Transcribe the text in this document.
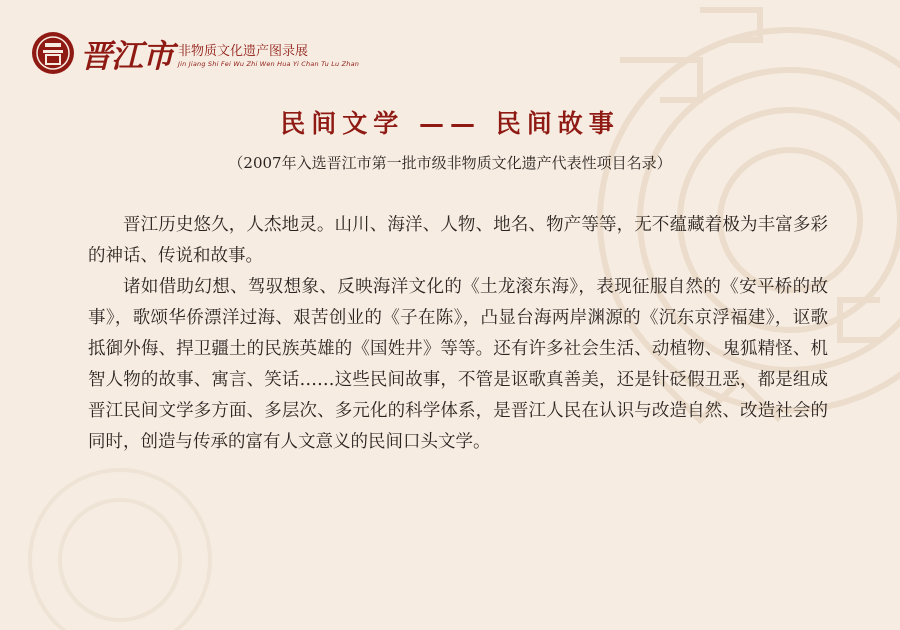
晋江市 非物质文化遗产图录展
Jin Jiang Shi Fei Wu Zhi Wen Hua Yi Chan Tu Lu Zhan
民间文学 —— 民间故事
（2007年入选晋江市第一批市级非物质文化遗产代表性项目名录）

晋江历史悠久，人杰地灵。山川、海洋、人物、地名、物产等等，无不蕴藏着极为丰富多彩的神话、传说和故事。

诸如借助幻想、驾驭想象、反映海洋文化的《土龙滚东海》，表现征服自然的《安平桥的故事》，歌颂华侨漂洋过海、艰苦创业的《子在陈》，凸显台海两岸渊源的《沉东京浮福建》，讴歌抵御外侮、捍卫疆土的民族英雄的《国姓井》等等。还有许多社会生活、动植物、鬼狐精怪、机智人物的故事、寓言、笑话……这些民间故事，不管是讴歌真善美，还是针砭假丑恶，都是组成晋江民间文学多方面、多层次、多元化的科学体系，是晋江人民在认识与改造自然、改造社会的同时，创造与传承的富有人文意义的民间口头文学。
